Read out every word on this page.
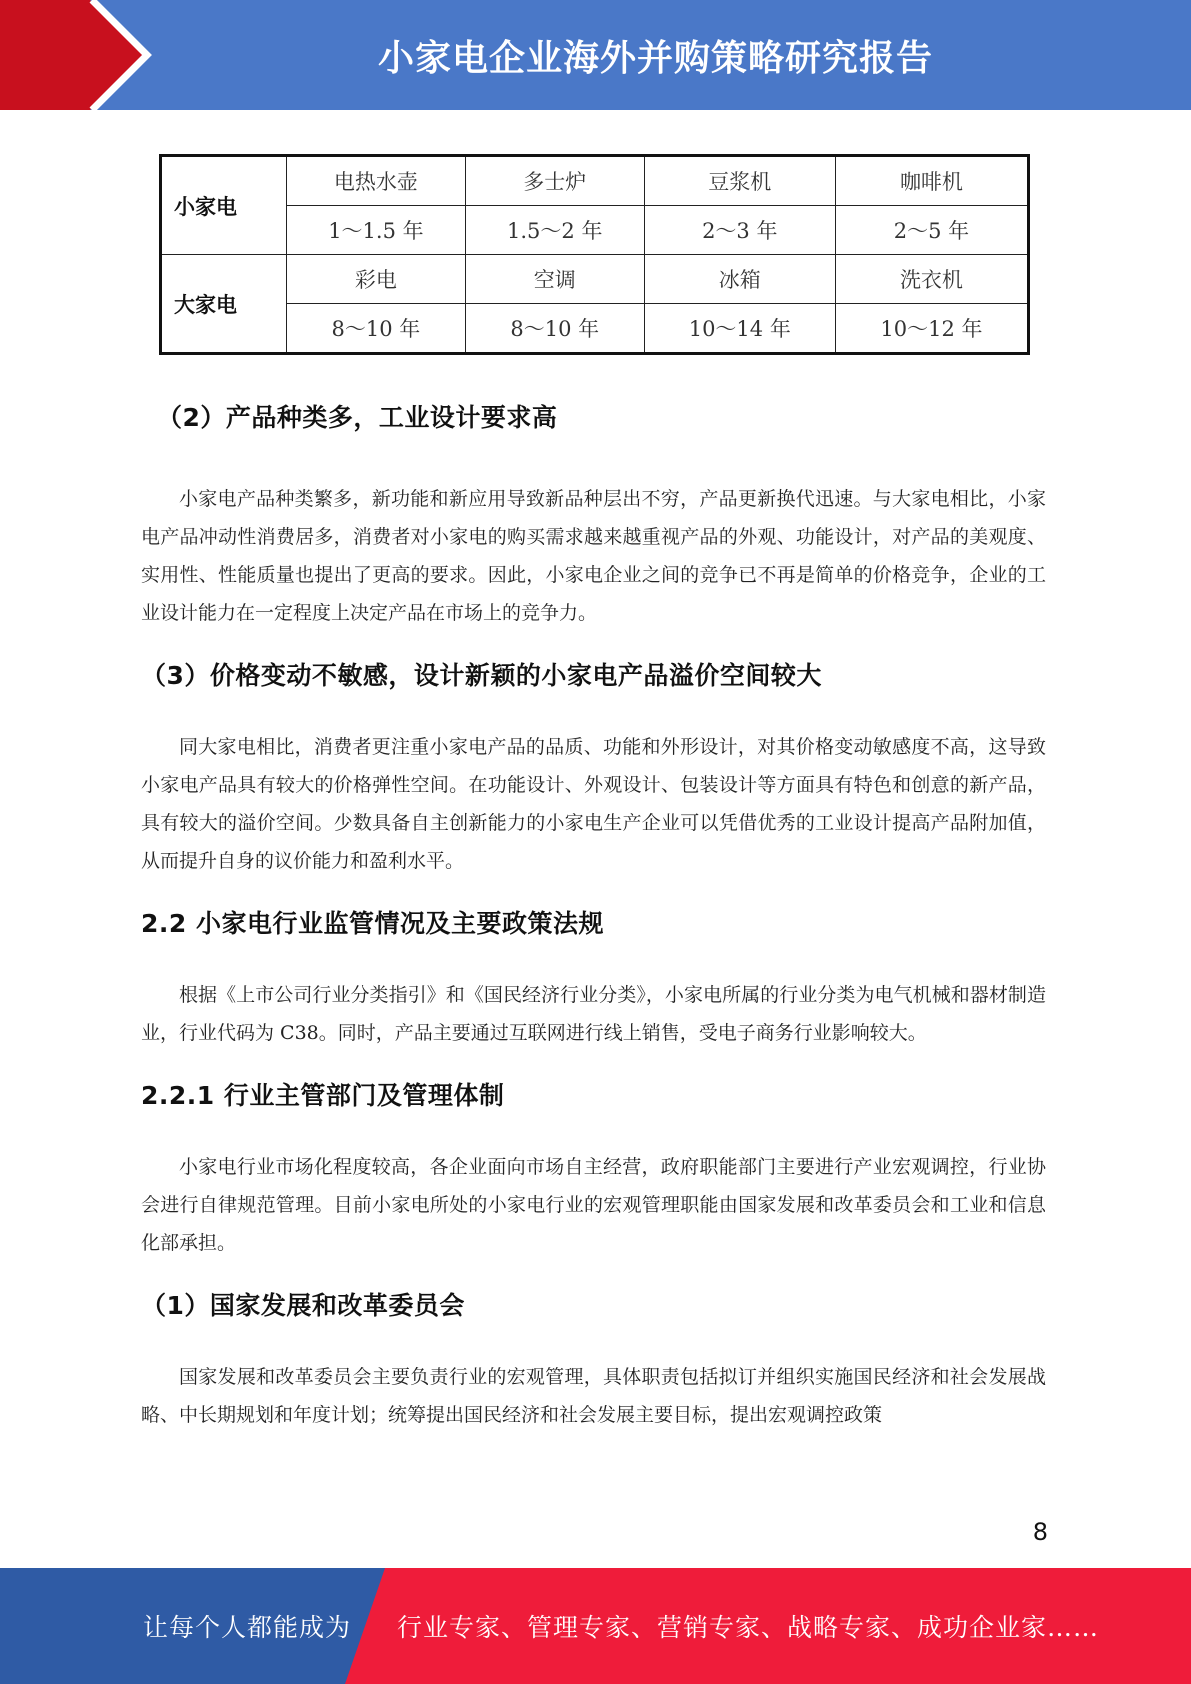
小家电企业海外并购策略研究报告
小家电	电热水壶	多士炉	豆浆机	咖啡机
	1～1.5 年	1.5～2 年	2～3 年	2～5 年
大家电	彩电	空调	冰箱	洗衣机
	8～10 年	8～10 年	10～14 年	10～12 年
（2）产品种类多，工业设计要求高

小家电产品种类繁多，新功能和新应用导致新品种层出不穷，产品更新换代迅速。与大家电相比，小家电产品冲动性消费居多，消费者对小家电的购买需求越来越重视产品的外观、功能设计，对产品的美观度、实用性、性能质量也提出了更高的要求。因此，小家电企业之间的竞争已不再是简单的价格竞争，企业的工业设计能力在一定程度上决定产品在市场上的竞争力。

（3）价格变动不敏感，设计新颖的小家电产品溢价空间较大

同大家电相比，消费者更注重小家电产品的品质、功能和外形设计，对其价格变动敏感度不高，这导致小家电产品具有较大的价格弹性空间。在功能设计、外观设计、包装设计等方面具有特色和创意的新产品，具有较大的溢价空间。少数具备自主创新能力的小家电生产企业可以凭借优秀的工业设计提高产品附加值，从而提升自身的议价能力和盈利水平。

2.2 小家电行业监管情况及主要政策法规

根据《上市公司行业分类指引》和《国民经济行业分类》，小家电所属的行业分类为电气机械和器材制造业，行业代码为 C38。同时，产品主要通过互联网进行线上销售，受电子商务行业影响较大。

2.2.1 行业主管部门及管理体制

小家电行业市场化程度较高，各企业面向市场自主经营，政府职能部门主要进行产业宏观调控，行业协会进行自律规范管理。目前小家电所处的小家电行业的宏观管理职能由国家发展和改革委员会和工业和信息化部承担。

（1）国家发展和改革委员会

国家发展和改革委员会主要负责行业的宏观管理，具体职责包括拟订并组织实施国民经济和社会发展战略、中长期规划和年度计划；统筹提出国民经济和社会发展主要目标，提出宏观调控政策

8
让每个人都能成为 行业专家、管理专家、营销专家、战略专家、成功企业家……
